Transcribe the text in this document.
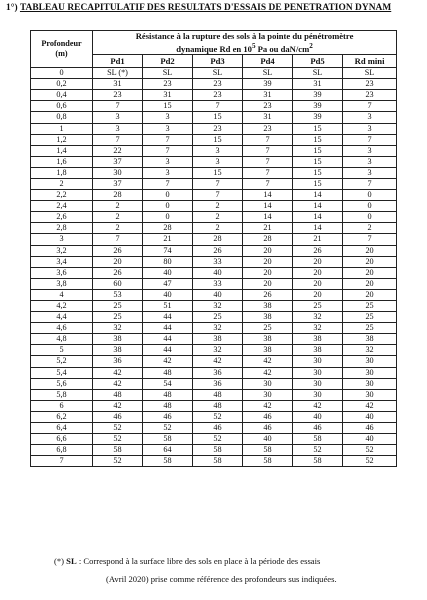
1°) TABLEAU RECAPITULATIF DES RESULTATS D'ESSAIS DE PENETRATION DYNAM
Profondeur
(m)	Résistance à la rupture des sols à la pointe du pénétromètre
dynamique Rd en $10^5$ Pa ou daN/$cm^2$
	Pd1	Pd2	Pd3	Pd4	Pd5	Rd mini
0	SL (*)	SL	SL	SL	SL	SL
0,2	31	23	23	39	31	23
0,4	23	31	23	31	39	23
0,6	7	15	7	23	39	7
0,8	3	3	15	31	39	3
1	3	3	23	23	15	3
1,2	7	7	15	7	15	7
1,4	22	7	3	7	15	3
1,6	37	3	3	7	15	3
1,8	30	3	15	7	15	3
2	37	7	7	7	15	7
2,2	28	0	7	14	14	0
2,4	2	0	2	14	14	0
2,6	2	0	2	14	14	0
2,8	2	28	2	21	14	2
3	7	21	28	28	21	7
3,2	26	74	26	20	26	20
3,4	20	80	33	20	20	20
3,6	26	40	40	20	20	20
3,8	60	47	33	20	20	20
4	53	40	40	26	20	20
4,2	25	51	32	38	25	25
4,4	25	44	25	38	32	25
4,6	32	44	32	25	32	25
4,8	38	44	38	38	38	38
5	38	44	32	38	38	32
5,2	36	42	42	42	30	30
5,4	42	48	36	42	30	30
5,6	42	54	36	30	30	30
5,8	48	48	48	30	30	30
6	42	48	48	42	42	42
6,2	46	46	52	46	40	40
6,4	52	52	46	46	46	46
6,6	52	58	52	40	58	40
6,8	58	64	58	58	52	52
7	52	58	58	58	58	52
(*) SL : Correspond à la surface libre des sols en place à la période des essais
(Avril 2020) prise comme référence des profondeurs sus indiquées.
